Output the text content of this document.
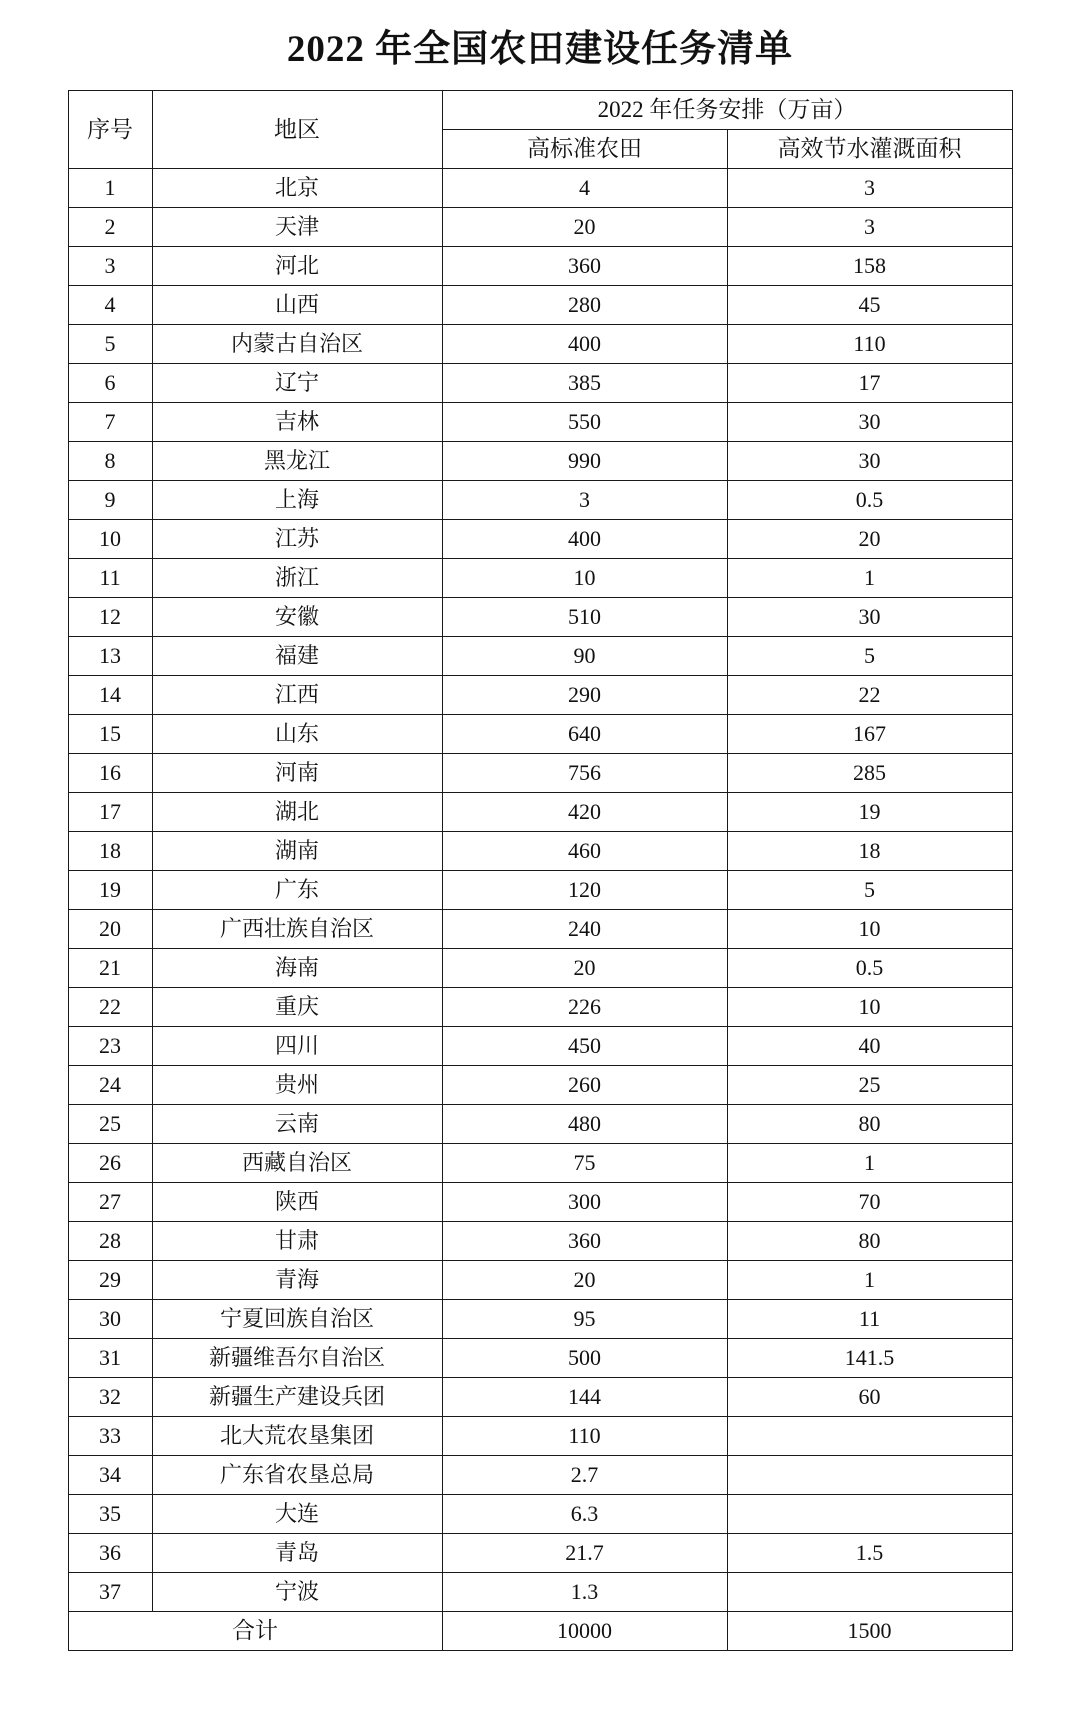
2022 年全国农田建设任务清单
序号	地区	2022 年任务安排（万亩）	
		高标准农田	高效节水灌溉面积
1	北京	4	3
2	天津	20	3
3	河北	360	158
4	山西	280	45
5	内蒙古自治区	400	110
6	辽宁	385	17
7	吉林	550	30
8	黑龙江	990	30
9	上海	3	0.5
10	江苏	400	20
11	浙江	10	1
12	安徽	510	30
13	福建	90	5
14	江西	290	22
15	山东	640	167
16	河南	756	285
17	湖北	420	19
18	湖南	460	18
19	广东	120	5
20	广西壮族自治区	240	10
21	海南	20	0.5
22	重庆	226	10
23	四川	450	40
24	贵州	260	25
25	云南	480	80
26	西藏自治区	75	1
27	陕西	300	70
28	甘肃	360	80
29	青海	20	1
30	宁夏回族自治区	95	11
31	新疆维吾尔自治区	500	141.5
32	新疆生产建设兵团	144	60
33	北大荒农垦集团	110	
34	广东省农垦总局	2.7	
35	大连	6.3	
36	青岛	21.7	1.5
37	宁波	1.3	
合计		10000	1500
